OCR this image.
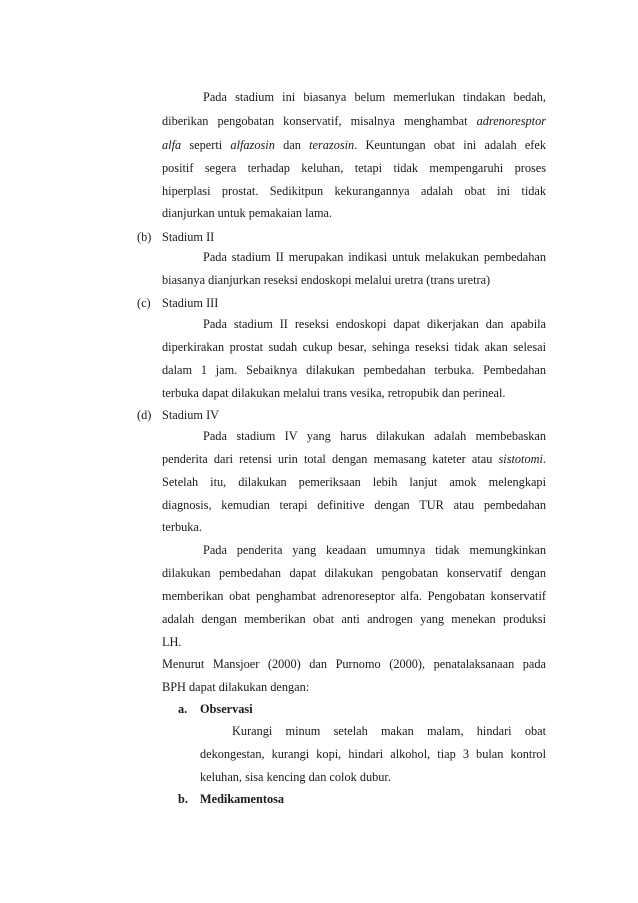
Pada stadium ini biasanya belum memerlukan tindakan bedah,
diberikan pengobatan konservatif, misalnya menghambat adrenoresptor
alfa seperti alfazosin dan terazosin. Keuntungan obat ini adalah efek
positif segera terhadap keluhan, tetapi tidak mempengaruhi proses
hiperplasi prostat. Sedikitpun kekurangannya adalah obat ini tidak
dianjurkan untuk pemakaian lama.
(b) Stadium II
Pada stadium II merupakan indikasi untuk melakukan pembedahan
biasanya dianjurkan reseksi endoskopi melalui uretra (trans uretra)
(c) Stadium III
Pada stadium II reseksi endoskopi dapat dikerjakan dan apabila
diperkirakan prostat sudah cukup besar, sehinga reseksi tidak akan selesai
dalam 1 jam. Sebaiknya dilakukan pembedahan terbuka. Pembedahan
terbuka dapat dilakukan melalui trans vesika, retropubik dan perineal.
(d) Stadium IV
Pada stadium IV yang harus dilakukan adalah membebaskan
penderita dari retensi urin total dengan memasang kateter atau sistotomi.
Setelah itu, dilakukan pemeriksaan lebih lanjut amok melengkapi
diagnosis, kemudian terapi definitive dengan TUR atau pembedahan
terbuka.
Pada penderita yang keadaan umumnya tidak memungkinkan
dilakukan pembedahan dapat dilakukan pengobatan konservatif dengan
memberikan obat penghambat adrenoreseptor alfa. Pengobatan konservatif
adalah dengan memberikan obat anti androgen yang menekan produksi
LH.
Menurut Mansjoer (2000) dan Purnomo (2000), penatalaksanaan pada
BPH dapat dilakukan dengan:
a. Observasi
Kurangi minum setelah makan malam, hindari obat
dekongestan, kurangi kopi, hindari alkohol, tiap 3 bulan kontrol
keluhan, sisa kencing dan colok dubur.
b. Medikamentosa
